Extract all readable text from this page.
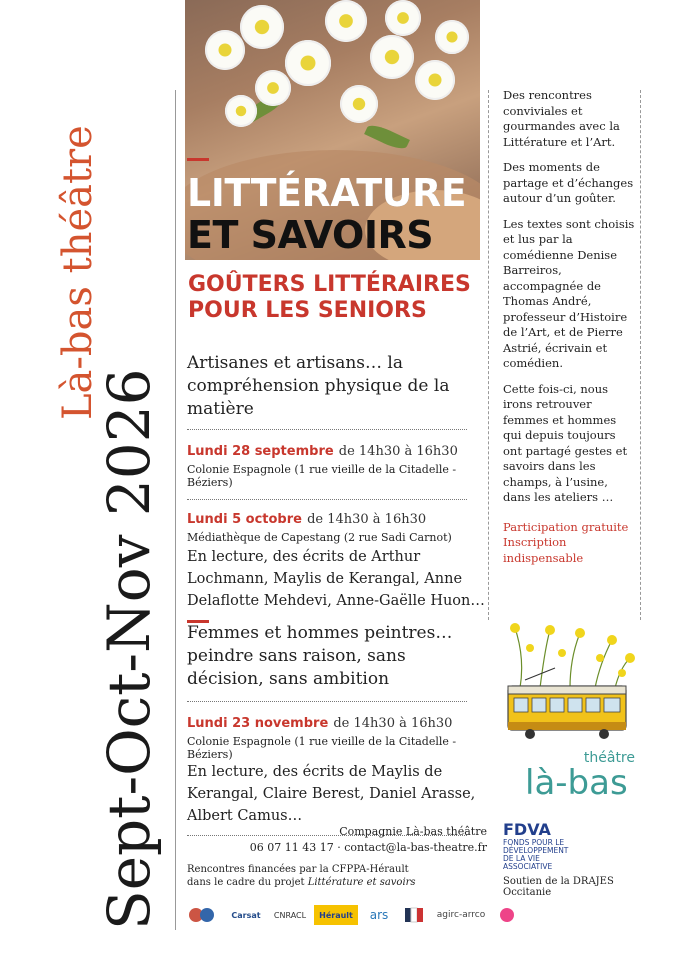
Là-bas théâtre
Sept-Oct-Nov 2026
LITTÉRATURE
ET SAVOIRS
GOÛTERS LITTÉRAIRES
POUR LES SENIORS
Artisanes et artisans… la compréhension physique de la matière
Lundi 28 septembre de 14h30 à 16h30
Colonie Espagnole (1 rue vieille de la Citadelle - Béziers)
Lundi 5 octobre de 14h30 à 16h30
Médiathèque de Capestang (2 rue Sadi Carnot)
En lecture, des écrits de Arthur Lochmann, Maylis de Kerangal, Anne Delaflotte Mehdevi, Anne-Gaëlle Huon…
Femmes et hommes peintres… peindre sans raison, sans décision, sans ambition
Lundi 23 novembre de 14h30 à 16h30
Colonie Espagnole (1 rue vieille de la Citadelle - Béziers)
En lecture, des écrits de Maylis de Kerangal, Claire Berest, Daniel Arasse, Albert Camus…
Compagnie Là-bas théâtre
06 07 11 43 17 · contact@la-bas-theatre.fr
Rencontres financées par la CFPPA-Hérault
dans le cadre du projet Littérature et savoirs

Des rencontres conviviales et gourmandes avec la Littérature et l’Art.

Des moments de partage et d’échanges autour d’un goûter.

Les textes sont choisis et lus par la comédienne Denise Barreiros, accompagnée de Thomas André, professeur d’Histoire de l’Art, et de Pierre Astrié, écrivain et comédien.

Cette fois-ci, nous irons retrouver femmes et hommes qui depuis toujours ont partagé gestes et savoirs dans les champs, à l’usine, dans les ateliers …

Participation gratuite Inscription indispensable
théâtre
là-bas
FDVA
FONDS POUR LE
DÉVELOPPEMENT
DE LA VIE
ASSOCIATIVE
Soutien de la DRAJES Occitanie
Carsat	CNRACL	Hérault	ars	agirc-arrco
